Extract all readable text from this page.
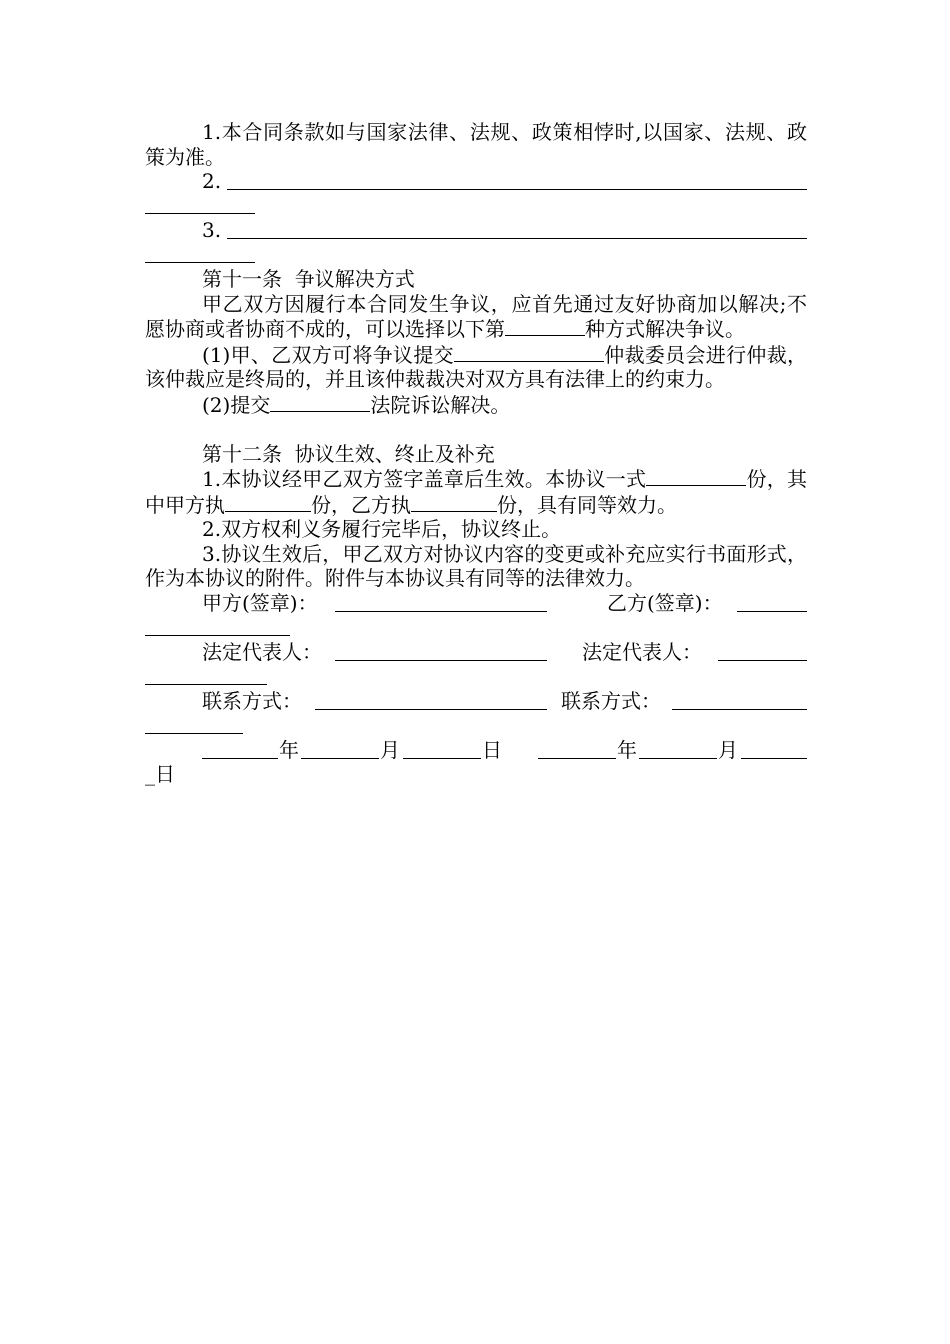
1.本合同条款如与国家法律、法规、政策相悖时,以国家、法规、政策为准。

2.
3.

第十一条  争议解决方式

甲乙双方因履行本合同发生争议，应首先通过友好协商加以解决;不愿协商或者协商不成的，可以选择以下第	种方式解决争议。

(1)甲、乙双方可将争议提交	仲裁委员会进行仲裁，该仲裁应是终局的，并且该仲裁裁决对双方具有法律上的约束力。

(2)提交	法院诉讼解决。

第十二条  协议生效、终止及补充

1.本协议经甲乙双方签字盖章后生效。本协议一式	份，其中甲方执	份，乙方执	份，具有同等效力。

2.双方权利义务履行完毕后，协议终止。

3.协议生效后，甲乙双方对协议内容的变更或补充应实行书面形式，作为本协议的附件。附件与本协议具有同等的法律效力。

甲方(签章)：	乙方(签章)：
法定代表人：	法定代表人：
联系方式：	联系方式：
年	月	日	年	月
_日
